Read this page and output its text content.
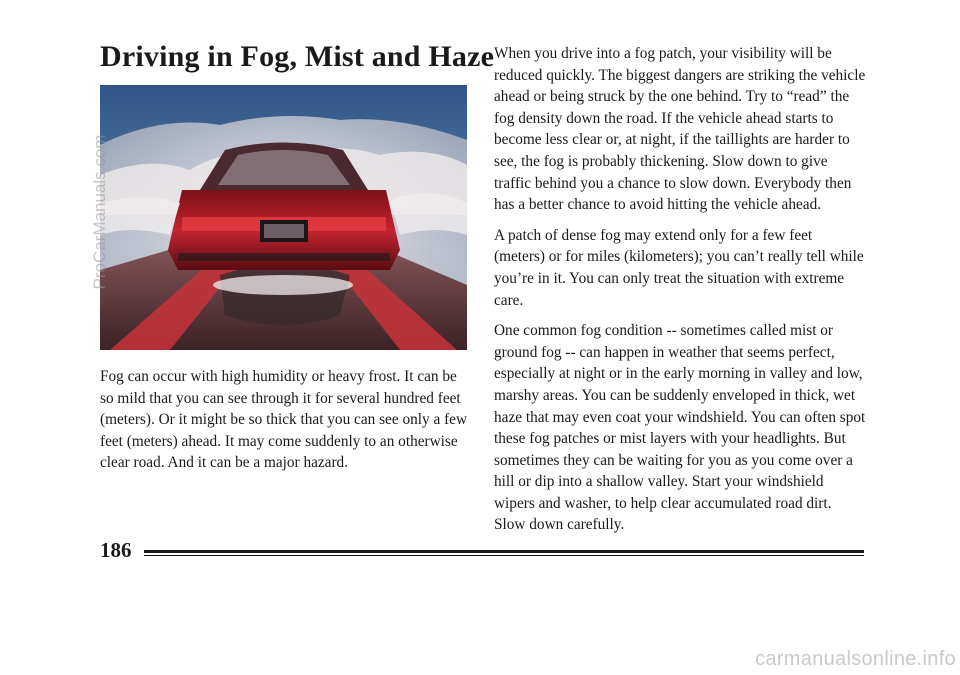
Driving in Fog, Mist and Haze

Fog can occur with high humidity or heavy frost. It can be so mild that you can see through it for several hundred feet (meters). Or it might be so thick that you can see only a few feet (meters) ahead. It may come suddenly to an otherwise clear road. And it can be a major hazard.

When you drive into a fog patch, your visibility will be reduced quickly. The biggest dangers are striking the vehicle ahead or being struck by the one behind. Try to “read” the fog density down the road. If the vehicle ahead starts to become less clear or, at night, if the taillights are harder to see, the fog is probably thickening. Slow down to give traffic behind you a chance to slow down. Everybody then has a better chance to avoid hitting the vehicle ahead.

A patch of dense fog may extend only for a few feet (meters) or for miles (kilometers); you can’t really tell while you’re in it. You can only treat the situation with extreme care.

One common fog condition -- sometimes called mist or ground fog -- can happen in weather that seems perfect, especially at night or in the early morning in valley and low, marshy areas. You can be suddenly enveloped in thick, wet haze that may even coat your windshield. You can often spot these fog patches or mist layers with your headlights. But sometimes they can be waiting for you as you come over a hill or dip into a shallow valley. Start your windshield wipers and washer, to help clear accumulated road dirt. Slow down carefully.

ProCarManuals.com
186
carmanualsonline.info
